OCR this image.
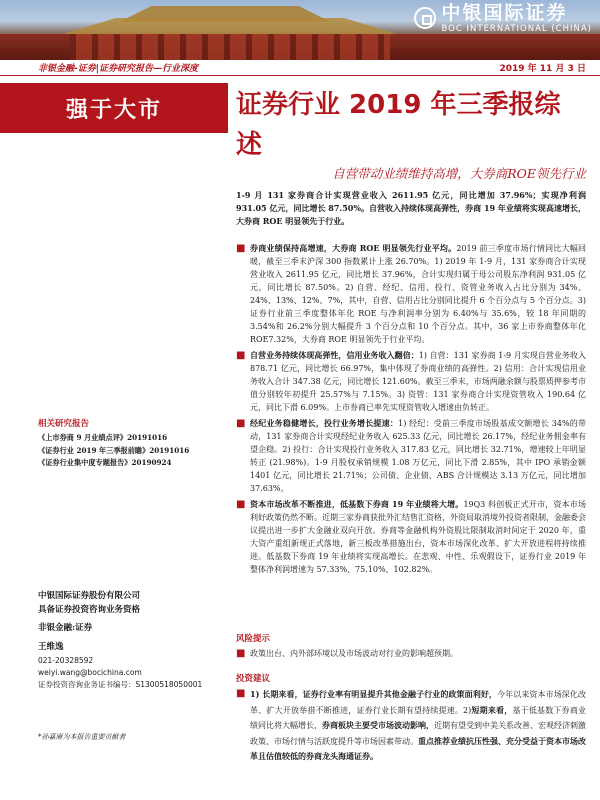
中银国际证券
BOC INTERNATIONAL (CHINA)
非银金融-证券|证券研究报告—行业深度	2019 年 11 月 3 日
强于大市
相关研究报告
《上市券商 9 月业绩点评》20191016
《证券行业 2019 年三季报前瞻》20191016
《证券行业集中度专题报告》20190924
中银国际证券股份有限公司
具备证券投资咨询业务资格
非银金融:证券
王维逸
021-20328592
weiyi.wang@bocichina.com
证券投资咨询业务证书编号：S1300518050001
*孙嘉赓为本报告重要贡献者
证券行业 2019 年三季报综述
自营带动业绩维持高增，大券商ROE领先行业
1-9 月 131 家券商合计实现营业收入 2611.95 亿元，同比增加 37.96%；实现净利润 931.05 亿元，同比增长 87.50%。自营收入持续体现高弹性，券商 19 年业绩将实现高速增长，大券商 ROE 明显领先于行业。
■ 券商业绩保持高增速，大券商 ROE 明显领先行业平均。2019 前三季度市场行情同比大幅回暖，截至三季末沪深 300 指数累计上涨 26.70%。1) 2019 年 1-9 月，131 家券商合计实现营业收入 2611.95 亿元，同比增长 37.96%，合计实现归属于母公司股东净利润 931.05 亿元，同比增长 87.50%。2) 自营、经纪、信用、投行、资管业务收入占比分别为 34%、24%、13%、12%、7%，其中，自营、信用占比分别同比提升 6 个百分点与 5 个百分点。3) 证券行业前三季度整体年化 ROE 与净利润率分别为 6.40%与 35.6%，较 18 年同期的 3.54%和 26.2%分别大幅提升 3 个百分点和 10 个百分点。其中，36 家上市券商整体年化 ROE7.32%，大券商 ROE 明显领先于行业平均。
■ 自营业务持续体现高弹性，信用业务收入翻倍：1) 自营：131 家券商 1-9 月实现自营业务收入 878.71 亿元，同比增长 66.97%，集中体现了券商业绩的高弹性。2) 信用：合计实现信用业务收入合计 347.38 亿元，同比增长 121.60%。截至三季末，市场两融余额与股票质押参考市值分别较年初提升 25.57%与 7.15%。3) 资管：131 家券商合计实现资管收入 190.64 亿元，同比下滑 6.09%。上市券商已率先实现资管收入增速由负转正。
■ 经纪业务稳健增长，投行业务增长提速：1) 经纪：受前三季度市场股基成交额增长 34%的带动，131 家券商合计实现经纪业务收入 625.33 亿元，同比增长 26.17%，经纪业务佣金率有望企稳。2) 投行：合计实现投行业务收入 317.83 亿元，同比增长 32.71%，增速较上年明显转正 (21.98%)。1-9 月股权承销规模 1.08 万亿元，同比下滑 2.85%，其中 IPO 承销金额 1401 亿元，同比增长 21.71%；公司债、企业债、ABS 合计规模达 3.13 万亿元，同比增加 37.63%。
■ 资本市场改革不断推进，低基数下券商 19 年业绩将大增。19Q3 科创板正式开市，资本市场利好政策仍然不断。近期三家券商获批外汇结售汇资格，外资局取消境外投资者限制，金融委会议提出进一步扩大金融业双向开放。券商等金融机构外资股比限制取消时间定于 2020 年，重大资产重组新规正式落地，新三板改革措施出台，资本市场深化改革、扩大开放进程将持续推进。低基数下券商 19 年业绩将实现高增长。在悲观、中性、乐观假设下，证券行业 2019 年整体净利润增速为 57.33%、75.10%、102.82%。
风险提示
■ 政策出台、内外部环境以及市场波动对行业的影响超预期。
投资建议
■ 1) 长期来看，证券行业率有明显提升其他金融子行业的政策面利好，今年以来资本市场深化改革、扩大开放举措不断推进，证券行业长期有望持续提速。2)短期来看，基于低基数下券商业绩同比将大幅增长，券商板块主要受市场波动影响，近期有望受到中美关系改善、宏观经济刺激政策、市场行情与活跃度提升等市场因素带动。重点推荐业绩抗压性强、充分受益于资本市场改革且估值较低的券商龙头海通证券。
